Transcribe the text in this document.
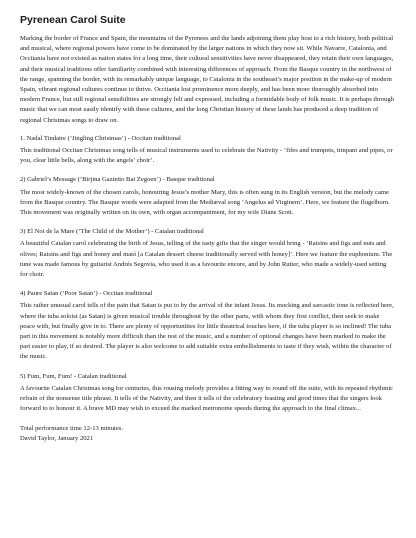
Pyrenean Carol Suite

Marking the border of France and Spain, the mountains of the Pyrenees and the lands adjoining them play host to a rich history, both political and musical, where regional powers have come to be dominated by the larger nations in which they now sit. While Navarre, Catalonia, and Occitania have not existed as nation states for a long time, their cultural sensitivities have never disappeared, they retain their own languages, and their musical traditions offer familiarity combined with interesting differences of approach. From the Basque country in the northwest of the range, spanning the border, with its remarkably unique language, to Catalonia in the southeast’s major position in the make-up of modern Spain, vibrant regional cultures continue to thrive. Occitania lost prominence more deeply, and has been more thoroughly absorbed into modern France, but still regional sensibilities are strongly felt and expressed, including a formidable body of folk music. It is perhaps through music that we can most easily identify with these cultures, and the long Christian history of these lands has produced a deep tradition of regional Christmas songs to draw on.

1. Nadal Tindaire (‘Jingling Christmas’) - Occitan traditional

This traditional Occitan Christmas song tells of musical instruments used to celebrate the Nativity - ‘fifes and trumpets, timpani and pipes, or you, clear little bells, along with the angels’ choir’.

2) Gabriel’s Message (‘Birjina Gaztetto Bat Zegoen’) - Basque traditional

The most widely-known of the chosen carols, honouring Jesus’s mother Mary, this is often sung in its English version, but the melody came from the Basque country. The Basque words were adapted from the Mediæval song ‘Angelus ad Virginem’. Here, we feature the flugelhorn. This movement was originally written on its own, with organ accompaniment, for my wife Diane Scott.

3) El Noi de la Mare (‘The Child of the Mother’) - Catalan traditional

A beautiful Catalan carol celebrating the birth of Jesus, telling of the tasty gifts that the singer would bring - ‘Raisins and figs and nuts and olives; Raisins and figs and honey and mató [a Catalan dessert cheese traditionally served with honey]’. Here we feature the euphonium. The tune was made famous by guitarist Andrés Segovia, who used it as a favourite encore, and by John Rutter, who made a widely-used setting for choir.

4) Paure Satan (‘Poor Satan’) - Occitan traditional

This rather unusual carol tells of the pain that Satan is put to by the arrival of the infant Jesus. Its mocking and sarcastic tone is reflected here, where the tuba soloist (as Satan) is given musical trouble throughout by the other parts, with whom they first conflict, then seek to make peace with, but finally give in to. There are plenty of opportunities for little theatrical touches here, if the tuba player is so inclined! The tuba part in this movement is notably more difficult than the rest of the music, and a number of optional changes have been marked to make the part easier to play, if so desired. The player is also welcome to add suitable extra embellishments to taste if they wish, within the character of the music.

5) Fum, Fum, Fum! - Catalan traditional

A favourite Catalan Christmas song for centuries, this rousing melody provides a fitting way to round off the suite, with its repeated rhythmic refrain of the nonsense title phrase. It tells of the Nativity, and then it tells of the celebratory feasting and good times that the singers look forward to to honour it. A brave MD may wish to exceed the marked metronome speeds during the approach to the final climax...

Total performance time 12-13 minutes.

David Taylor, January 2021
